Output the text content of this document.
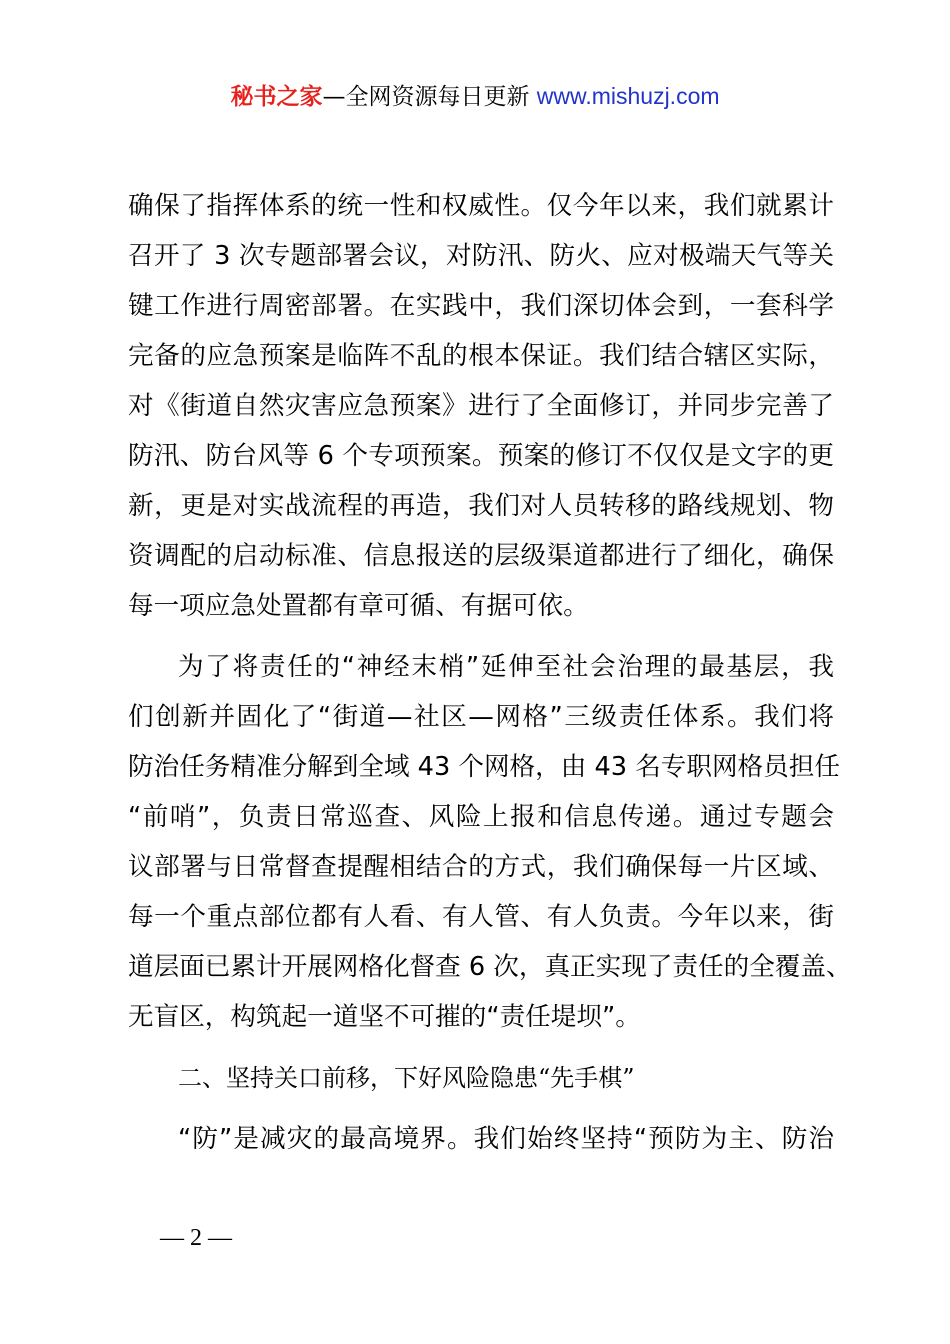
秘书之家—全网资源每日更新 www.mishuzj.com
确保了指挥体系的统一性和权威性。仅今年以来，我们就累计
召开了 3 次专题部署会议，对防汛、防火、应对极端天气等关
键工作进行周密部署。在实践中，我们深切体会到，一套科学
完备的应急预案是临阵不乱的根本保证。我们结合辖区实际，
对《街道自然灾害应急预案》进行了全面修订，并同步完善了
防汛、防台风等 6 个专项预案。预案的修订不仅仅是文字的更
新，更是对实战流程的再造，我们对人员转移的路线规划、物
资调配的启动标准、信息报送的层级渠道都进行了细化，确保
每一项应急处置都有章可循、有据可依。
为了将责任的“神经末梢”延伸至社会治理的最基层，我
们创新并固化了“街道—社区—网格”三级责任体系。我们将
防治任务精准分解到全域 43 个网格，由 43 名专职网格员担任
“前哨”，负责日常巡查、风险上报和信息传递。通过专题会
议部署与日常督查提醒相结合的方式，我们确保每一片区域、
每一个重点部位都有人看、有人管、有人负责。今年以来，街
道层面已累计开展网格化督查 6 次，真正实现了责任的全覆盖、
无盲区，构筑起一道坚不可摧的“责任堤坝”。
二、坚持关口前移，下好风险隐患“先手棋”
“防”是减灾的最高境界。我们始终坚持“预防为主、防治
— 2 —
